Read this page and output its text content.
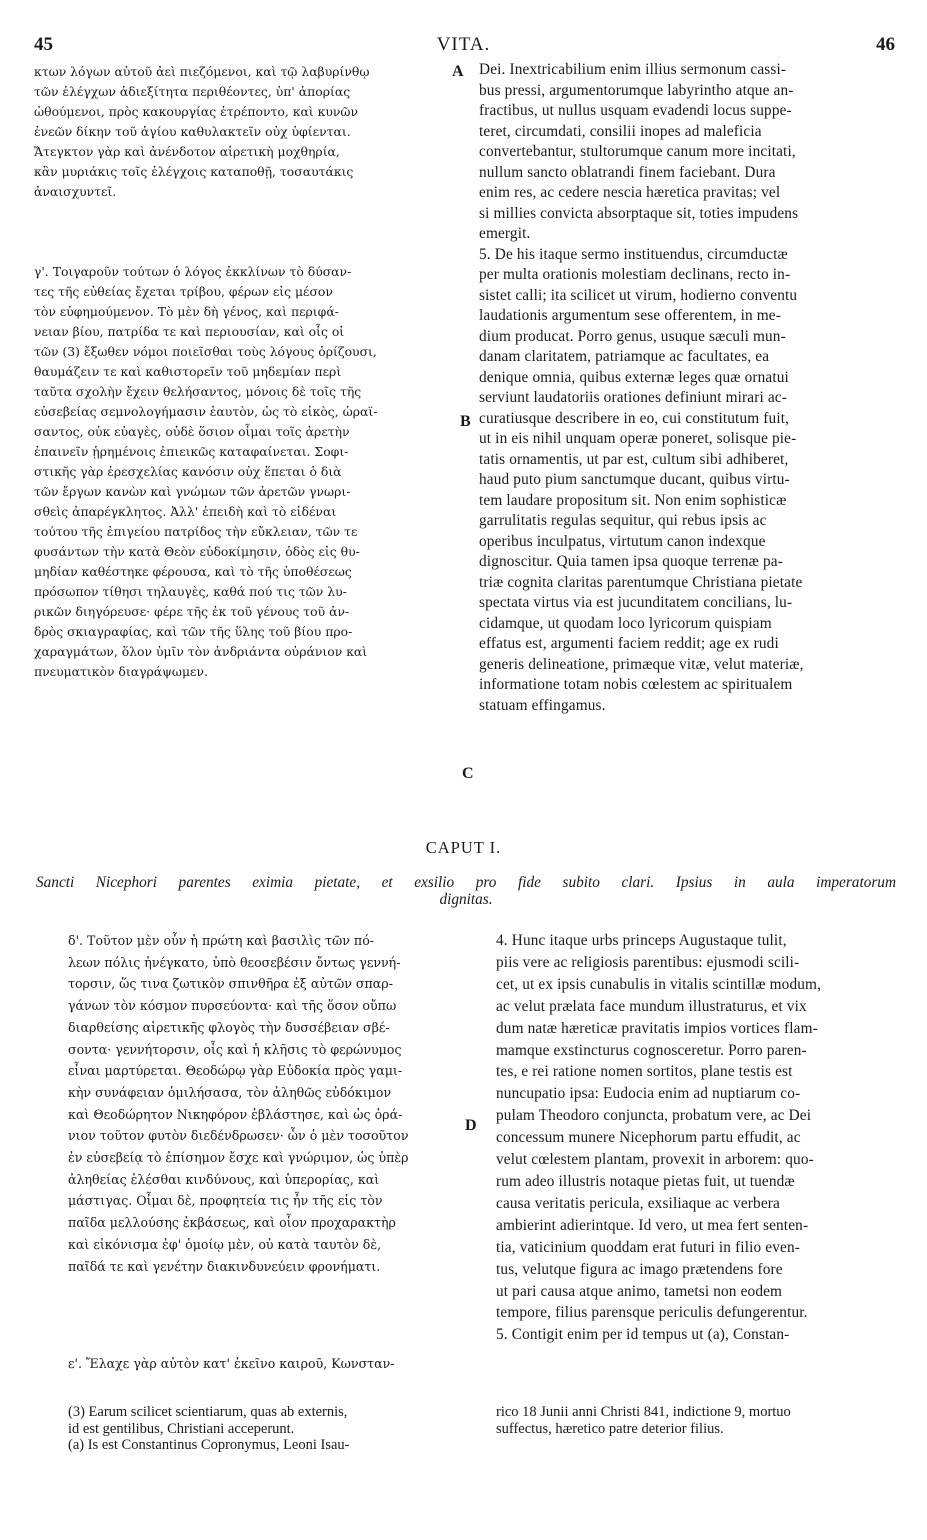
45	VITA.	46
A
B
C
D
κτων λόγων αὐτοῦ ἀεὶ πιεζόμενοι, καὶ τῷ λαβυρίνθῳ
τῶν ἐλέγχων ἀδιεξίτητα περιθέοντες, ὑπ' ἀπορίας
ὠθούμενοι, πρὸς κακουργίας ἐτρέποντο, καὶ κυνῶν
ἐνεῶν δίκην τοῦ ἁγίου καθυλακτεῖν οὐχ ὑφίενται.
Ἄτεγκτον γὰρ καὶ ἀνένδοτον αἱρετικὴ μοχθηρία,
κἂν μυριάκις τοῖς ἐλέγχοις καταποθῇ, τοσαυτάκις
ἀναισχυντεῖ.
γ'. Τοιγαροῦν τούτων ὁ λόγος ἐκκλίνων τὸ δύσαν-
τες τῆς εὐθείας ἔχεται τρίβου, φέρων εἰς μέσον
τὸν εὐφημούμενον. Τὸ μὲν δὴ γένος, καὶ περιφά-
νειαν βίου, πατρίδα τε καὶ περιουσίαν, καὶ οἷς οἱ
τῶν (3) ἔξωθεν νόμοι ποιεῖσθαι τοὺς λόγους ὁρίζουσι,
θαυμάζειν τε καὶ καθιστορεῖν τοῦ μηδεμίαν περὶ
ταῦτα σχολὴν ἔχειν θελήσαντος, μόνοις δὲ τοῖς τῆς
εὐσεβείας σεμνολογήμασιν ἑαυτὸν, ὡς τὸ εἰκὸς, ὡραϊ-
σαντος, οὐκ εὐαγὲς, οὐδὲ ὅσιον οἶμαι τοῖς ἀρετὴν
ἐπαινεῖν ᾑρημένοις ἐπιεικῶς καταφαίνεται. Σοφι-
στικῆς γὰρ ἐρεσχελίας κανόσιν οὐχ ἕπεται ὁ διὰ
τῶν ἔργων κανὼν καὶ γνώμων τῶν ἀρετῶν γνωρι-
σθεὶς ἀπαρέγκλητος. Ἀλλ' ἐπειδὴ καὶ τὸ εἰδέναι
τούτου τῆς ἐπιγείου πατρίδος τὴν εὔκλειαν, τῶν τε
φυσάντων τὴν κατὰ Θεὸν εὐδοκίμησιν, ὁδὸς εἰς θυ-
μηδίαν καθέστηκε φέρουσα, καὶ τὸ τῆς ὑποθέσεως
πρόσωπον τίθησι τηλαυγὲς, καθά πού τις τῶν λυ-
ρικῶν διηγόρευσε· φέρε τῆς ἐκ τοῦ γένους τοῦ ἀν-
δρὸς σκιαγραφίας, καὶ τῶν τῆς ὕλης τοῦ βίου προ-
χαραγμάτων, ὅλον ὑμῖν τὸν ἀνδριάντα οὐράνιον καὶ
πνευματικὸν διαγράψωμεν.
Dei. Inextricabilium enim illius sermonum cassi-
bus pressi, argumentorumque labyrintho atque an-
fractibus, ut nullus usquam evadendi locus suppe-
teret, circumdati, consilii inopes ad maleficia
convertebantur, stultorumque canum more incitati,
nullum sancto oblatrandi finem faciebant. Dura
enim res, ac cedere nescia hæretica pravitas; vel
si millies convicta absorptaque sit, toties impudens
emergit.
5. De his itaque sermo instituendus, circumductæ
per multa orationis molestiam declinans, recto in-
sistet calli; ita scilicet ut virum, hodierno conventu
laudationis argumentum sese offerentem, in me-
dium producat. Porro genus, usuque sæculi mun-
danam claritatem, patriamque ac facultates, ea
denique omnia, quibus externæ leges quæ ornatui
serviunt laudatoriis orationes definiunt mirari ac-
curatiusque describere in eo, cui constitutum fuit,
ut in eis nihil unquam operæ poneret, solisque pie-
tatis ornamentis, ut par est, cultum sibi adhiberet,
haud puto pium sanctumque ducant, quibus virtu-
tem laudare propositum sit. Non enim sophisticæ
garrulitatis regulas sequitur, qui rebus ipsis ac
operibus inculpatus, virtutum canon indexque
dignoscitur. Quia tamen ipsa quoque terrenæ pa-
triæ cognita claritas parentumque Christiana pietate
spectata virtus via est jucunditatem concilians, lu-
cidamque, ut quodam loco lyricorum quispiam
effatus est, argumenti faciem reddit; age ex rudi
generis delineatione, primæque vitæ, velut materiæ,
informatione totam nobis cœlestem ac spiritualem
statuam effingamus.
CAPUT I.
Sancti Nicephori parentes eximia pietate, et exsilio pro fide subito clari. Ipsius in aula imperatorum
dignitas.
δ'. Τοῦτον μὲν οὖν ἡ πρώτη καὶ βασιλὶς τῶν πό-
λεων πόλις ἠνέγκατο, ὑπὸ θεοσεβέσιν ὄντως γεννή-
τορσιν, ὥς τινα ζωτικὸν σπινθῆρα ἐξ αὐτῶν σπαρ-
γάνων τὸν κόσμον πυρσεύοντα· καὶ τῆς ὅσον οὔπω
διαρθείσης αἱρετικῆς φλογὸς τὴν δυσσέβειαν σβέ-
σοντα· γεννήτορσιν, οἷς καὶ ἡ κλῆσις τὸ φερώνυμος
εἶναι μαρτύρεται. Θεοδώρῳ γὰρ Εὐδοκία πρὸς γαμι-
κὴν συνάφειαν ὁμιλήσασα, τὸν ἀληθῶς εὐδόκιμον
καὶ Θεοδώρητον Νικηφόρον ἐβλάστησε, καὶ ὡς ὀρά-
νιον τοῦτον φυτὸν διεδένδρωσεν· ὧν ὁ μὲν τοσοῦτον
ἐν εὐσεβείᾳ τὸ ἐπίσημον ἔσχε καὶ γνώριμον, ὡς ὑπὲρ
ἀληθείας ἑλέσθαι κινδύνους, καὶ ὑπερορίας, καὶ
μάστιγας. Οἶμαι δὲ, προφητεία τις ἦν τῆς εἰς τὸν
παῖδα μελλούσης ἐκβάσεως, καὶ οἷον προχαρακτὴρ
καὶ εἰκόνισμα ἐφ' ὁμοίῳ μὲν, οὐ κατὰ ταυτὸν δὲ,
παῖδά τε καὶ γενέτην διακινδυνεύειν φρονήματι.
ε'. Ἔλαχε γὰρ αὐτὸν κατ' ἐκεῖνο καιροῦ, Κωνσταν-
4. Hunc itaque urbs princeps Augustaque tulit,
piis vere ac religiosis parentibus: ejusmodi scili-
cet, ut ex ipsis cunabulis in vitalis scintillæ modum,
ac velut prælata face mundum illustraturus, et vix
dum natæ hæreticæ pravitatis impios vortices flam-
mamque exstincturus cognosceretur. Porro paren-
tes, e rei ratione nomen sortitos, plane testis est
nuncupatio ipsa: Eudocia enim ad nuptiarum co-
pulam Theodoro conjuncta, probatum vere, ac Dei
concessum munere Nicephorum partu effudit, ac
velut cœlestem plantam, provexit in arborem: quo-
rum adeo illustris notaque pietas fuit, ut tuendæ
causa veritatis pericula, exsiliaque ac verbera
ambierint adierintque. Id vero, ut mea fert senten-
tia, vaticinium quoddam erat futuri in filio even-
tus, velutque figura ac imago prætendens fore
ut pari causa atque animo, tametsi non eodem
tempore, filius parensque periculis defungerentur.
5. Contigit enim per id tempus ut (a), Constan-
(3) Earum scilicet scientiarum, quas ab externis,
id est gentilibus, Christiani acceperunt.
(a) Is est Constantinus Copronymus, Leoni Isau-
rico 18 Junii anni Christi 841, indictione 9, mortuo
suffectus, hæretico patre deterior filius.
